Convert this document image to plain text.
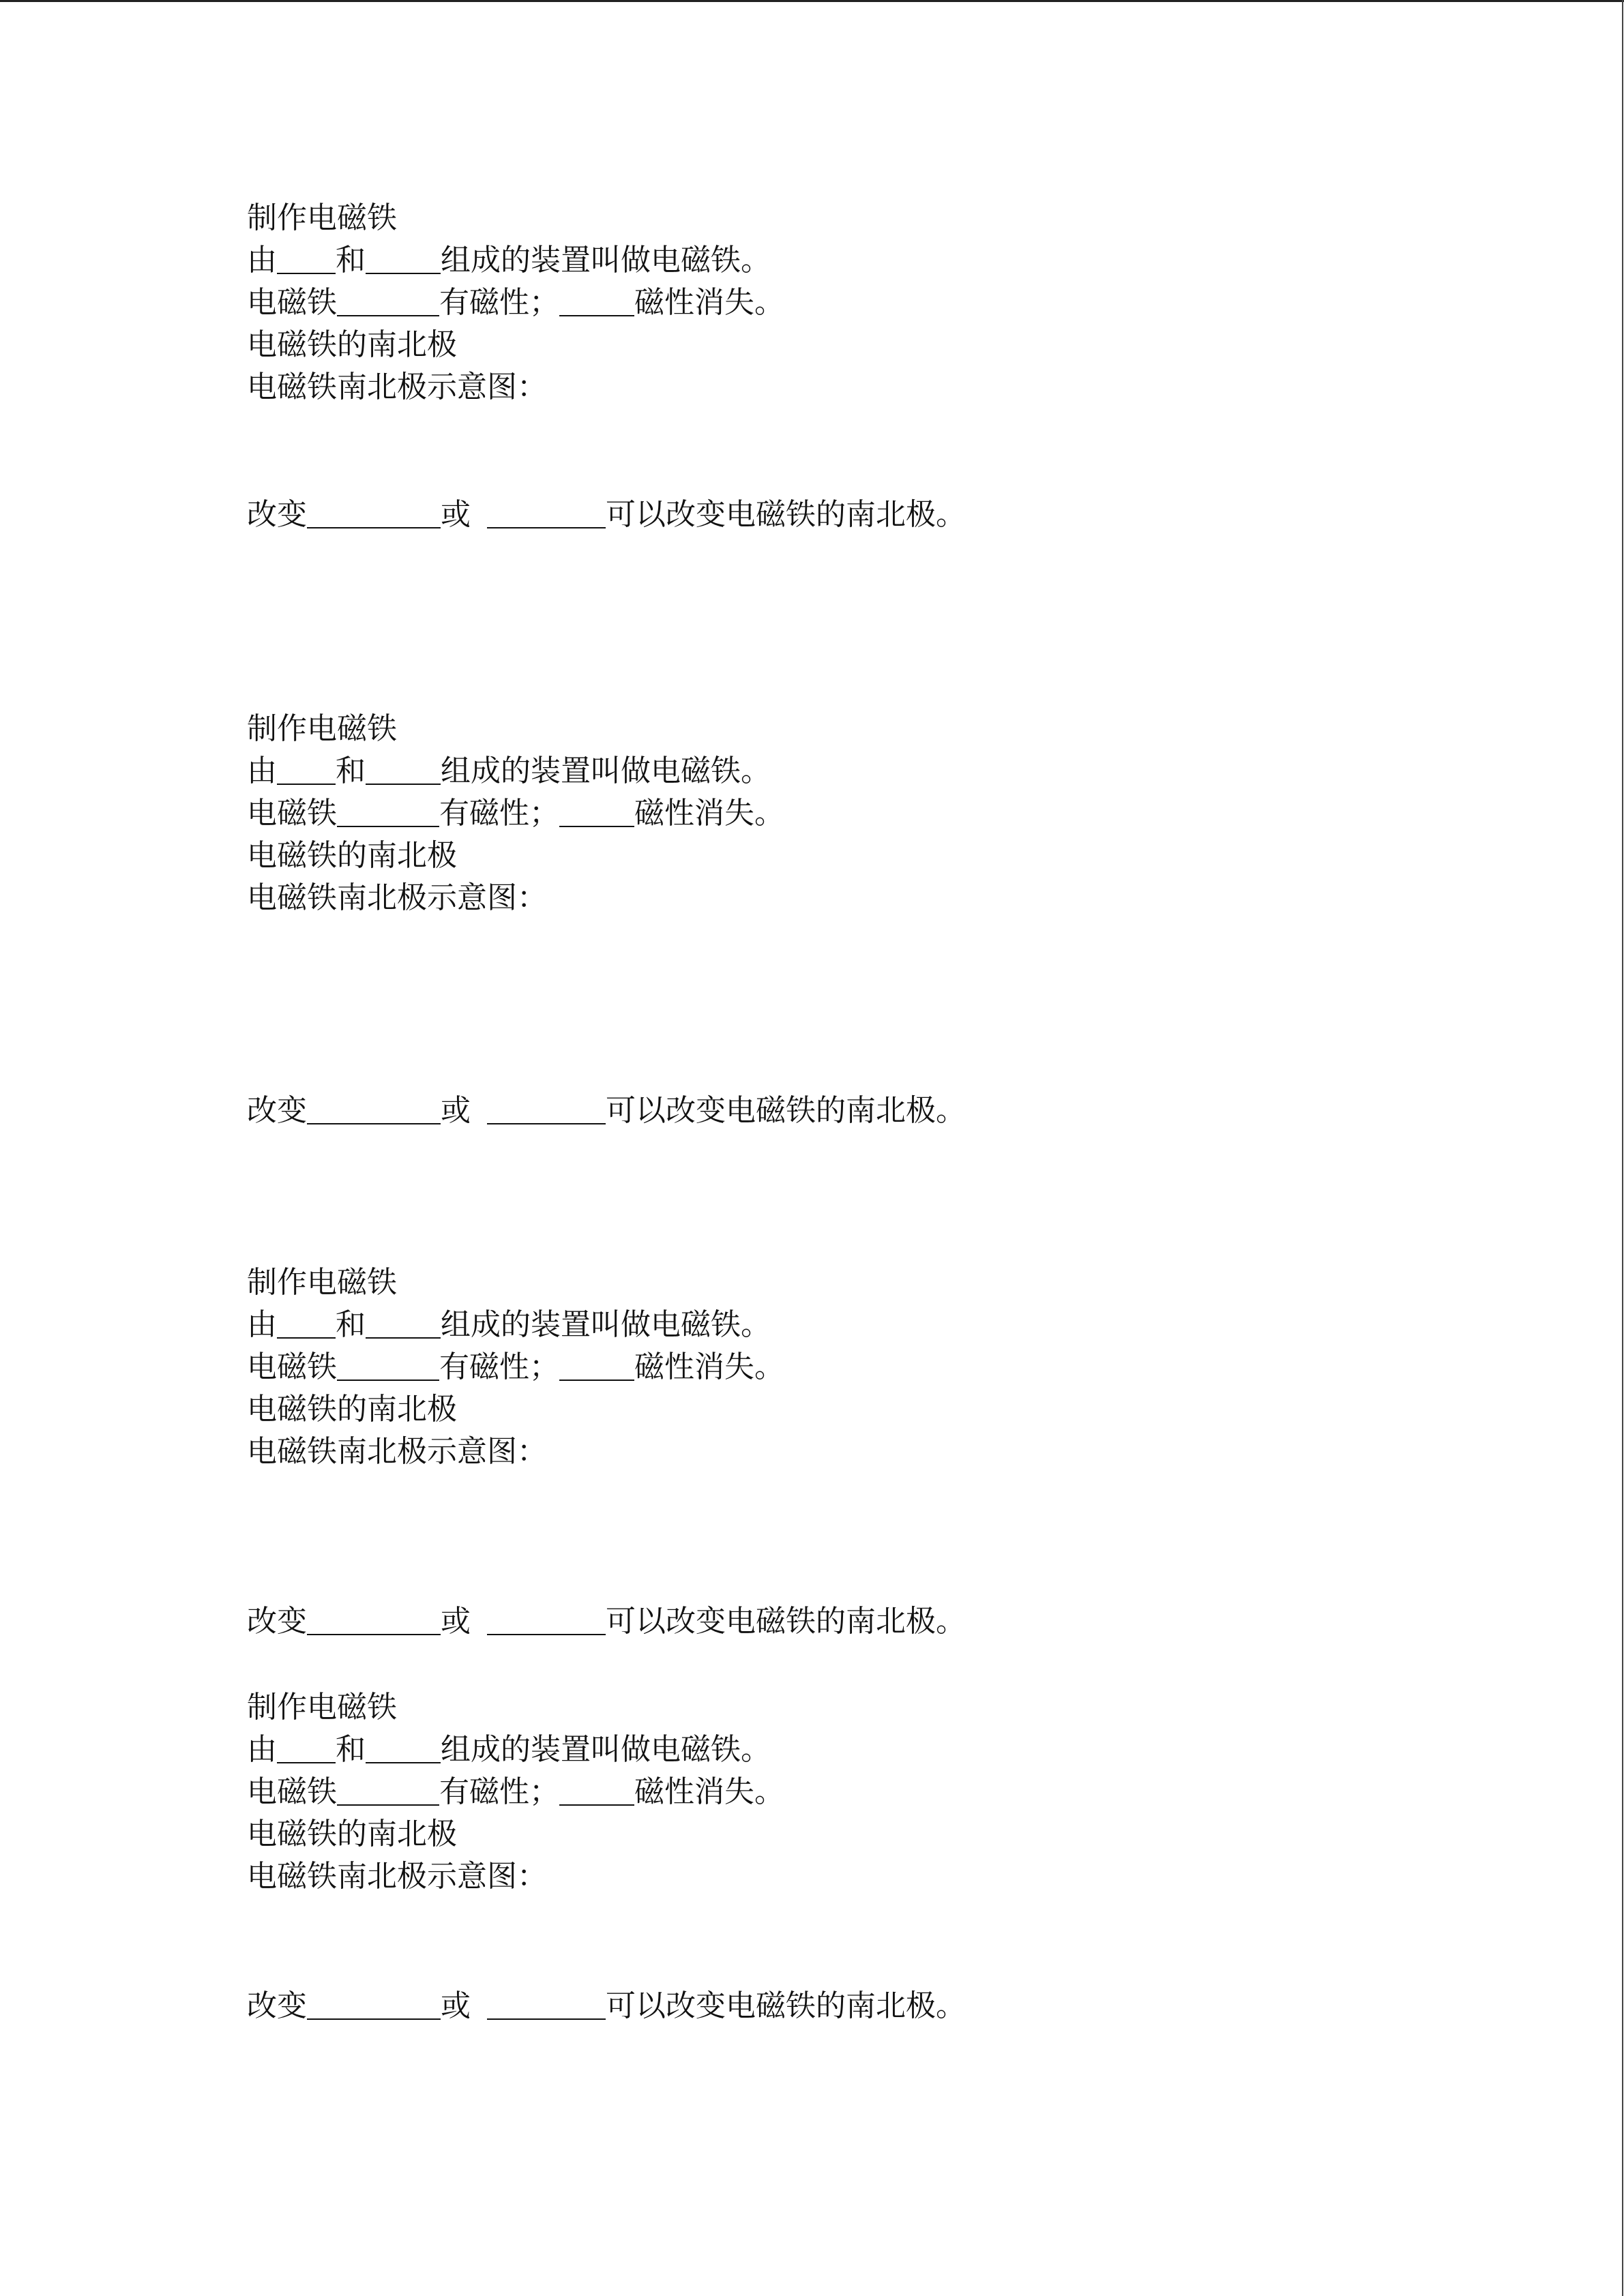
制作电磁铁
由 和	组成的装置叫做电磁铁。
电磁铁	有磁性；	磁性消失。
电磁铁的南北极
电磁铁南北极示意图：
改变	或	可以改变电磁铁的南北极。
制作电磁铁
由 和	组成的装置叫做电磁铁。
电磁铁	有磁性；	磁性消失。
电磁铁的南北极
电磁铁南北极示意图：
改变	或	可以改变电磁铁的南北极。
制作电磁铁
由 和	组成的装置叫做电磁铁。
电磁铁	有磁性；	磁性消失。
电磁铁的南北极
电磁铁南北极示意图：
改变	或	可以改变电磁铁的南北极。
制作电磁铁
由 和	组成的装置叫做电磁铁。
电磁铁	有磁性；	磁性消失。
电磁铁的南北极
电磁铁南北极示意图：
改变	或	可以改变电磁铁的南北极。
